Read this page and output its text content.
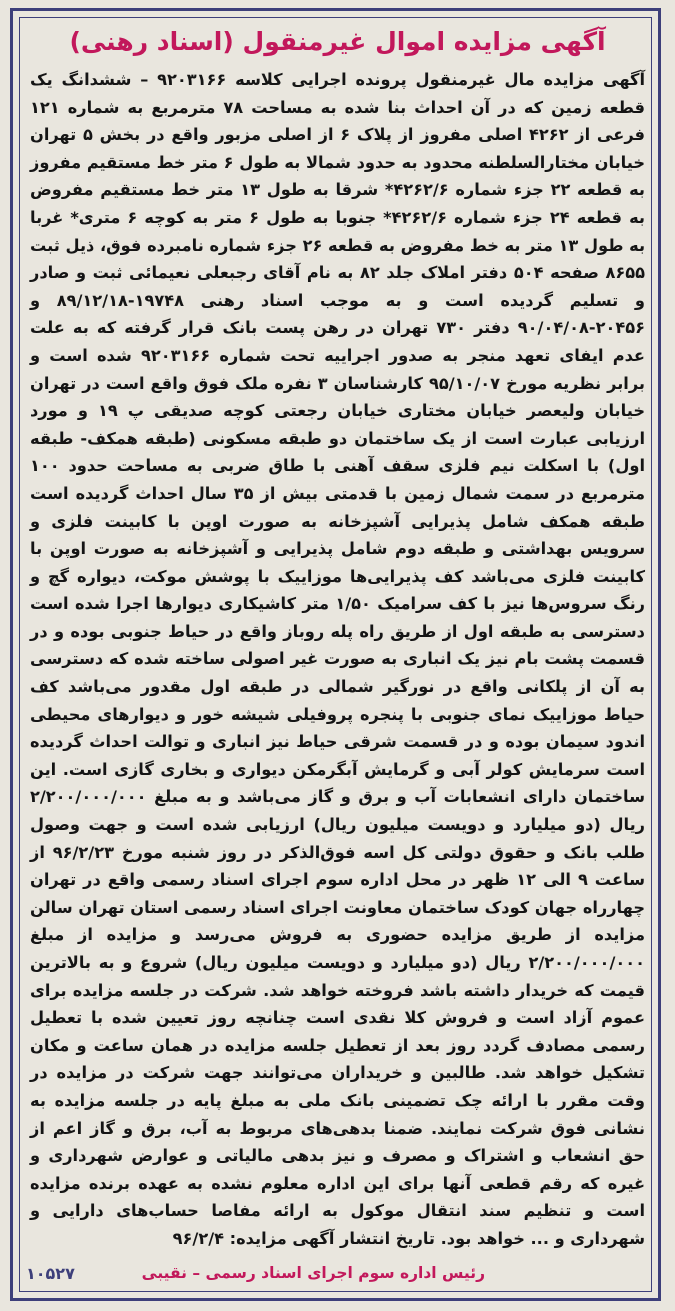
آگهی مزایده اموال غیرمنقول (اسناد رهنی)

آگهی مزایده مال غیرمنقول پرونده اجرایی کلاسه ۹۲۰۳۱۶۶ – ششدانگ یک قطعه زمین که در آن احداث بنا شده به مساحت ۷۸ مترمربع به شماره ۱۲۱ فرعی از ۴۲۶۲ اصلی مفروز از پلاک ۶ از اصلی مزبور واقع در بخش ۵ تهران خیابان مختارالسلطنه محدود به حدود شمالا به طول ۶ متر خط مستقیم مفروز به قطعه ۲۲ جزء شماره ۴۲۶۲/۶* شرقا به طول ۱۳ متر خط مستقیم مفروض به قطعه ۲۴ جزء شماره ۴۲۶۲/۶* جنوبا به طول ۶ متر به کوچه ۶ متری* غربا به طول ۱۳ متر به خط مفروض به قطعه ۲۶ جزء شماره نامبرده فوق، ذیل ثبت ۸۶۵۵ صفحه ۵۰۴ دفتر املاک جلد ۸۲ به نام آقای رجبعلی نعیمائی ثبت و صادر و تسلیم گردیده است و به موجب اسناد رهنی ۱۹۷۴۸-۸۹/۱۲/۱۸ و ۲۰۴۵۶-۹۰/۰۴/۰۸ دفتر ۷۳۰ تهران در رهن پست بانک قرار گرفته که به علت عدم ایفای تعهد منجر به صدور اجراییه تحت شماره ۹۲۰۳۱۶۶ شده است و برابر نظریه مورخ ۹۵/۱۰/۰۷ کارشناسان ۳ نفره ملک فوق واقع است در تهران خیابان ولیعصر خیابان مختاری خیابان رجعتی کوچه صدیقی پ ۱۹ و مورد ارزیابی عبارت است از یک ساختمان دو طبقه مسکونی (طبقه همکف- طبقه اول) با اسکلت نیم فلزی سقف آهنی با طاق ضربی به مساحت حدود ۱۰۰ مترمربع در سمت شمال زمین با قدمتی بیش از ۳۵ سال احداث گردیده است طبقه همکف شامل پذیرایی آشپزخانه به صورت اوپن با کابینت فلزی و سرویس بهداشتی و طبقه دوم شامل پذیرایی و آشپزخانه به صورت اوپن با کابینت فلزی می‌باشد کف پذیرایی‌ها موزاییک با پوشش موکت، دیواره گچ و رنگ سروس‌ها نیز با کف سرامیک ۱/۵۰ متر کاشیکاری دیوارها اجرا شده است دسترسی به طبقه اول از طریق راه پله روباز واقع در حیاط جنوبی بوده و در قسمت پشت بام نیز یک انباری به صورت غیر اصولی ساخته شده که دسترسی به آن از پلکانی واقع در نورگیر شمالی در طبقه اول مقدور می‌باشد کف حیاط موزاییک نمای جنوبی با پنجره پروفیلی شیشه خور و دیوارهای محیطی اندود سیمان بوده و در قسمت شرقی حیاط نیز انباری و توالت احداث گردیده است سرمایش کولر آبی و گرمایش آبگرمکن دیواری و بخاری گازی است. این ساختمان دارای انشعابات آب و برق و گاز می‌باشد و به مبلغ ۲/۲۰۰/۰۰۰/۰۰۰ ریال (دو میلیارد و دویست میلیون ریال) ارزیابی شده است و جهت وصول طلب بانک و حقوق دولتی کل اسه فوق‌الذکر در روز شنبه مورخ ۹۶/۲/۲۳ از ساعت ۹ الی ۱۲ ظهر در محل اداره سوم اجرای اسناد رسمی واقع در تهران چهارراه جهان کودک ساختمان معاونت اجرای اسناد رسمی استان تهران سالن مزایده از طریق مزایده حضوری به فروش می‌رسد و مزایده از مبلغ ۲/۲۰۰/۰۰۰/۰۰۰ ریال (دو میلیارد و دویست میلیون ریال) شروع و به بالاترین قیمت که خریدار داشته باشد فروخته خواهد شد. شرکت در جلسه مزایده برای عموم آزاد است و فروش کلا نقدی است چنانچه روز تعیین شده با تعطیل رسمی مصادف گردد روز بعد از تعطیل جلسه مزایده در همان ساعت و مکان تشکیل خواهد شد. طالبین و خریداران می‌توانند جهت شرکت در مزایده در وقت مقرر با ارائه چک تضمینی بانک ملی به مبلغ پایه در جلسه مزایده به نشانی فوق شرکت نمایند. ضمنا بدهی‌های مربوط به آب، برق و گاز اعم از حق انشعاب و اشتراک و مصرف و نیز بدهی مالیاتی و عوارض شهرداری و غیره که رقم قطعی آنها برای این اداره معلوم نشده به عهده برنده مزایده است و تنظیم سند انتقال موکول به ارائه مفاصا حساب‌های دارایی و شهرداری و ... خواهد بود. تاریخ انتشار آگهی مزایده: ۹۶/۲/۴

رئیس اداره سوم اجرای اسناد رسمی – نقیبی
۱۰۵۲۷
